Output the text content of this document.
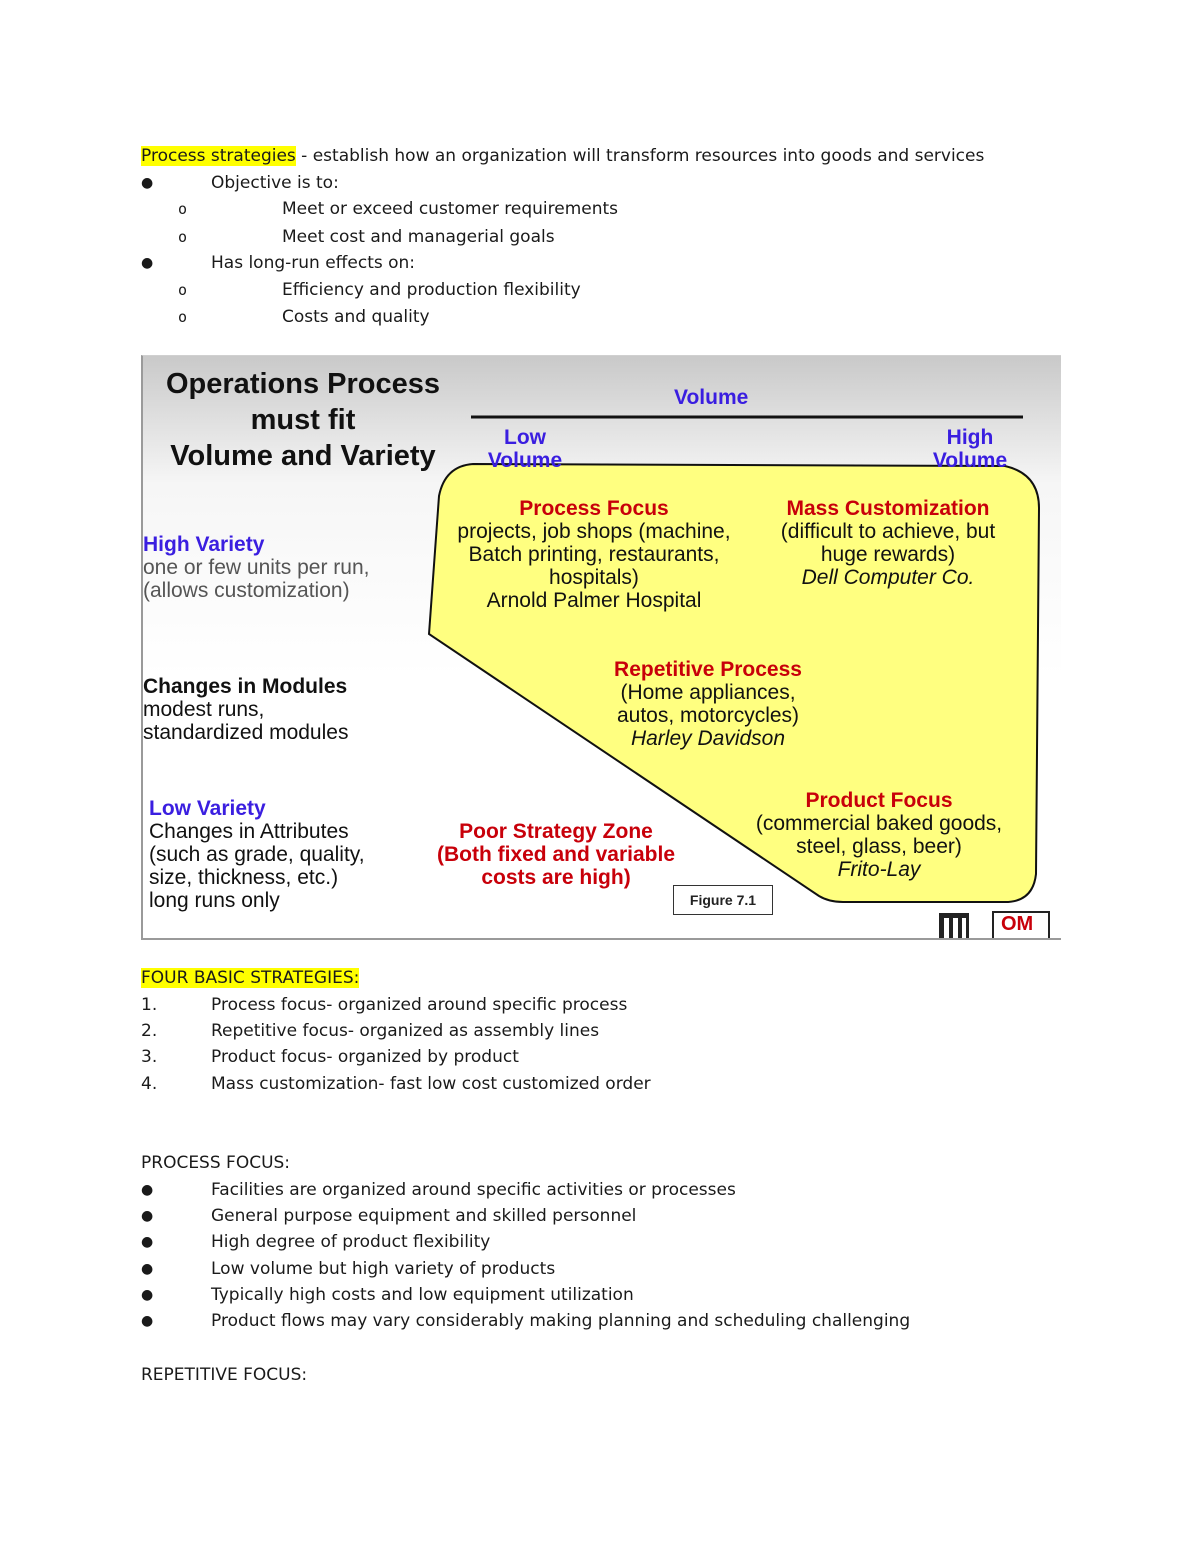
Process strategies - establish how an organization will transform resources into goods and services
●	Objective is to:
o	Meet or exceed customer requirements
o	Meet cost and managerial goals
●	Has long-run effects on:
o	Efficiency and production flexibility
o	Costs and quality
Operations Process
must fit
Volume and Variety
Volume
Low
Volume
High
Volume
High Variety
one or few units per run,
(allows customization)
Changes in Modules
modest runs,
standardized modules
Low Variety
Changes in Attributes
(such as grade, quality,
size, thickness, etc.)
long runs only
Process Focus
projects, job shops (machine,
Batch printing, restaurants,
hospitals)
Arnold Palmer Hospital
Mass Customization
(difficult to achieve, but
huge rewards)
Dell Computer Co.
Repetitive Process
(Home appliances,
autos, motorcycles)
Harley Davidson
Product Focus
(commercial baked goods,
steel, glass, beer)
Frito-Lay
Poor Strategy Zone
(Both fixed and variable
costs are high)
Figure 7.1
OM
FOUR BASIC STRATEGIES:
1.	Process focus- organized around specific process
2.	Repetitive focus- organized as assembly lines
3.	Product focus- organized by product
4.	Mass customization- fast low cost customized order
PROCESS FOCUS:
●	Facilities are organized around specific activities or processes
●	General purpose equipment and skilled personnel
●	High degree of product flexibility
●	Low volume but high variety of products
●	Typically high costs and low equipment utilization
●	Product flows may vary considerably making planning and scheduling challenging
REPETITIVE FOCUS:
